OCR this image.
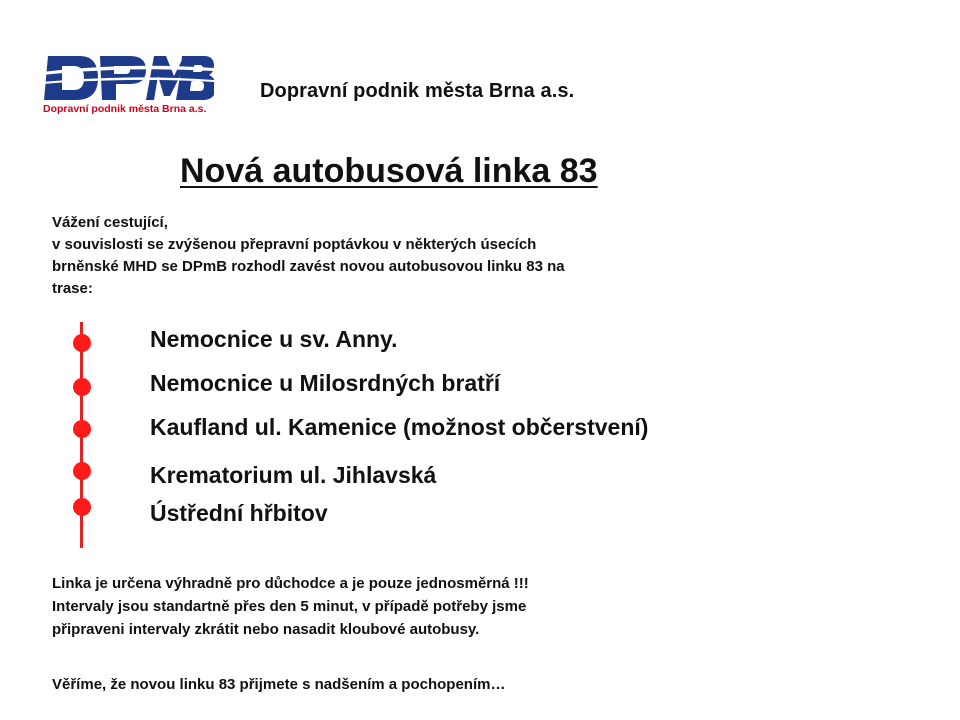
Dopravní podnik města Brna a.s.
Dopravní podnik města Brna a.s.
Nová autobusová linka 83
Vážení cestující,
v souvislosti se zvýšenou přepravní poptávkou v některých úsecích
brněnské MHD se DPmB rozhodl zavést novou autobusovou linku 83 na
trase:
Nemocnice u sv. Anny.
Nemocnice u Milosrdných bratří
Kaufland ul. Kamenice (možnost občerstvení)
Krematorium ul. Jihlavská
Ústřední hřbitov
Linka je určena výhradně pro důchodce a je pouze jednosměrná !!!
Intervaly jsou standartně přes den 5 minut, v případě potřeby jsme
připraveni intervaly zkrátit nebo nasadit kloubové autobusy.
Věříme, že novou linku 83 přijmete s nadšením a pochopením…
